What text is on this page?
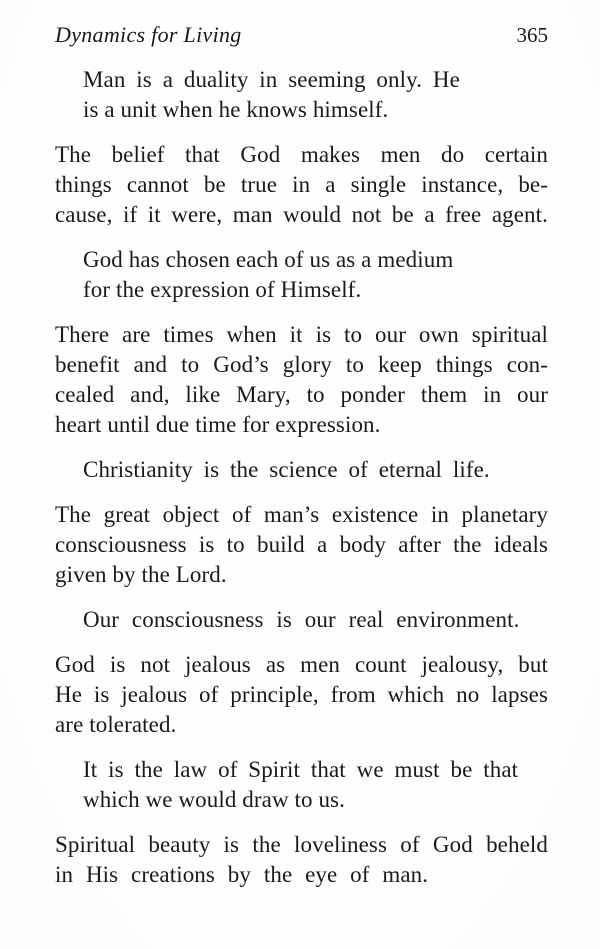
Dynamics for Living	365
Man is a duality in seeming only. He
is a unit when he knows himself.
The belief that God makes men do certain
things cannot be true in a single instance, be-
cause, if it were, man would not be a free agent.
God has chosen each of us as a medium
for the expression of Himself.
There are times when it is to our own spiritual
benefit and to God’s glory to keep things con-
cealed and, like Mary, to ponder them in our
heart until due time for expression.
Christianity is the science of eternal life.
The great object of man’s existence in planetary
consciousness is to build a body after the ideals
given by the Lord.
Our consciousness is our real environment.
God is not jealous as men count jealousy, but
He is jealous of principle, from which no lapses
are tolerated.
It is the law of Spirit that we must be that
which we would draw to us.
Spiritual beauty is the loveliness of God beheld
in His creations by the eye of man.
